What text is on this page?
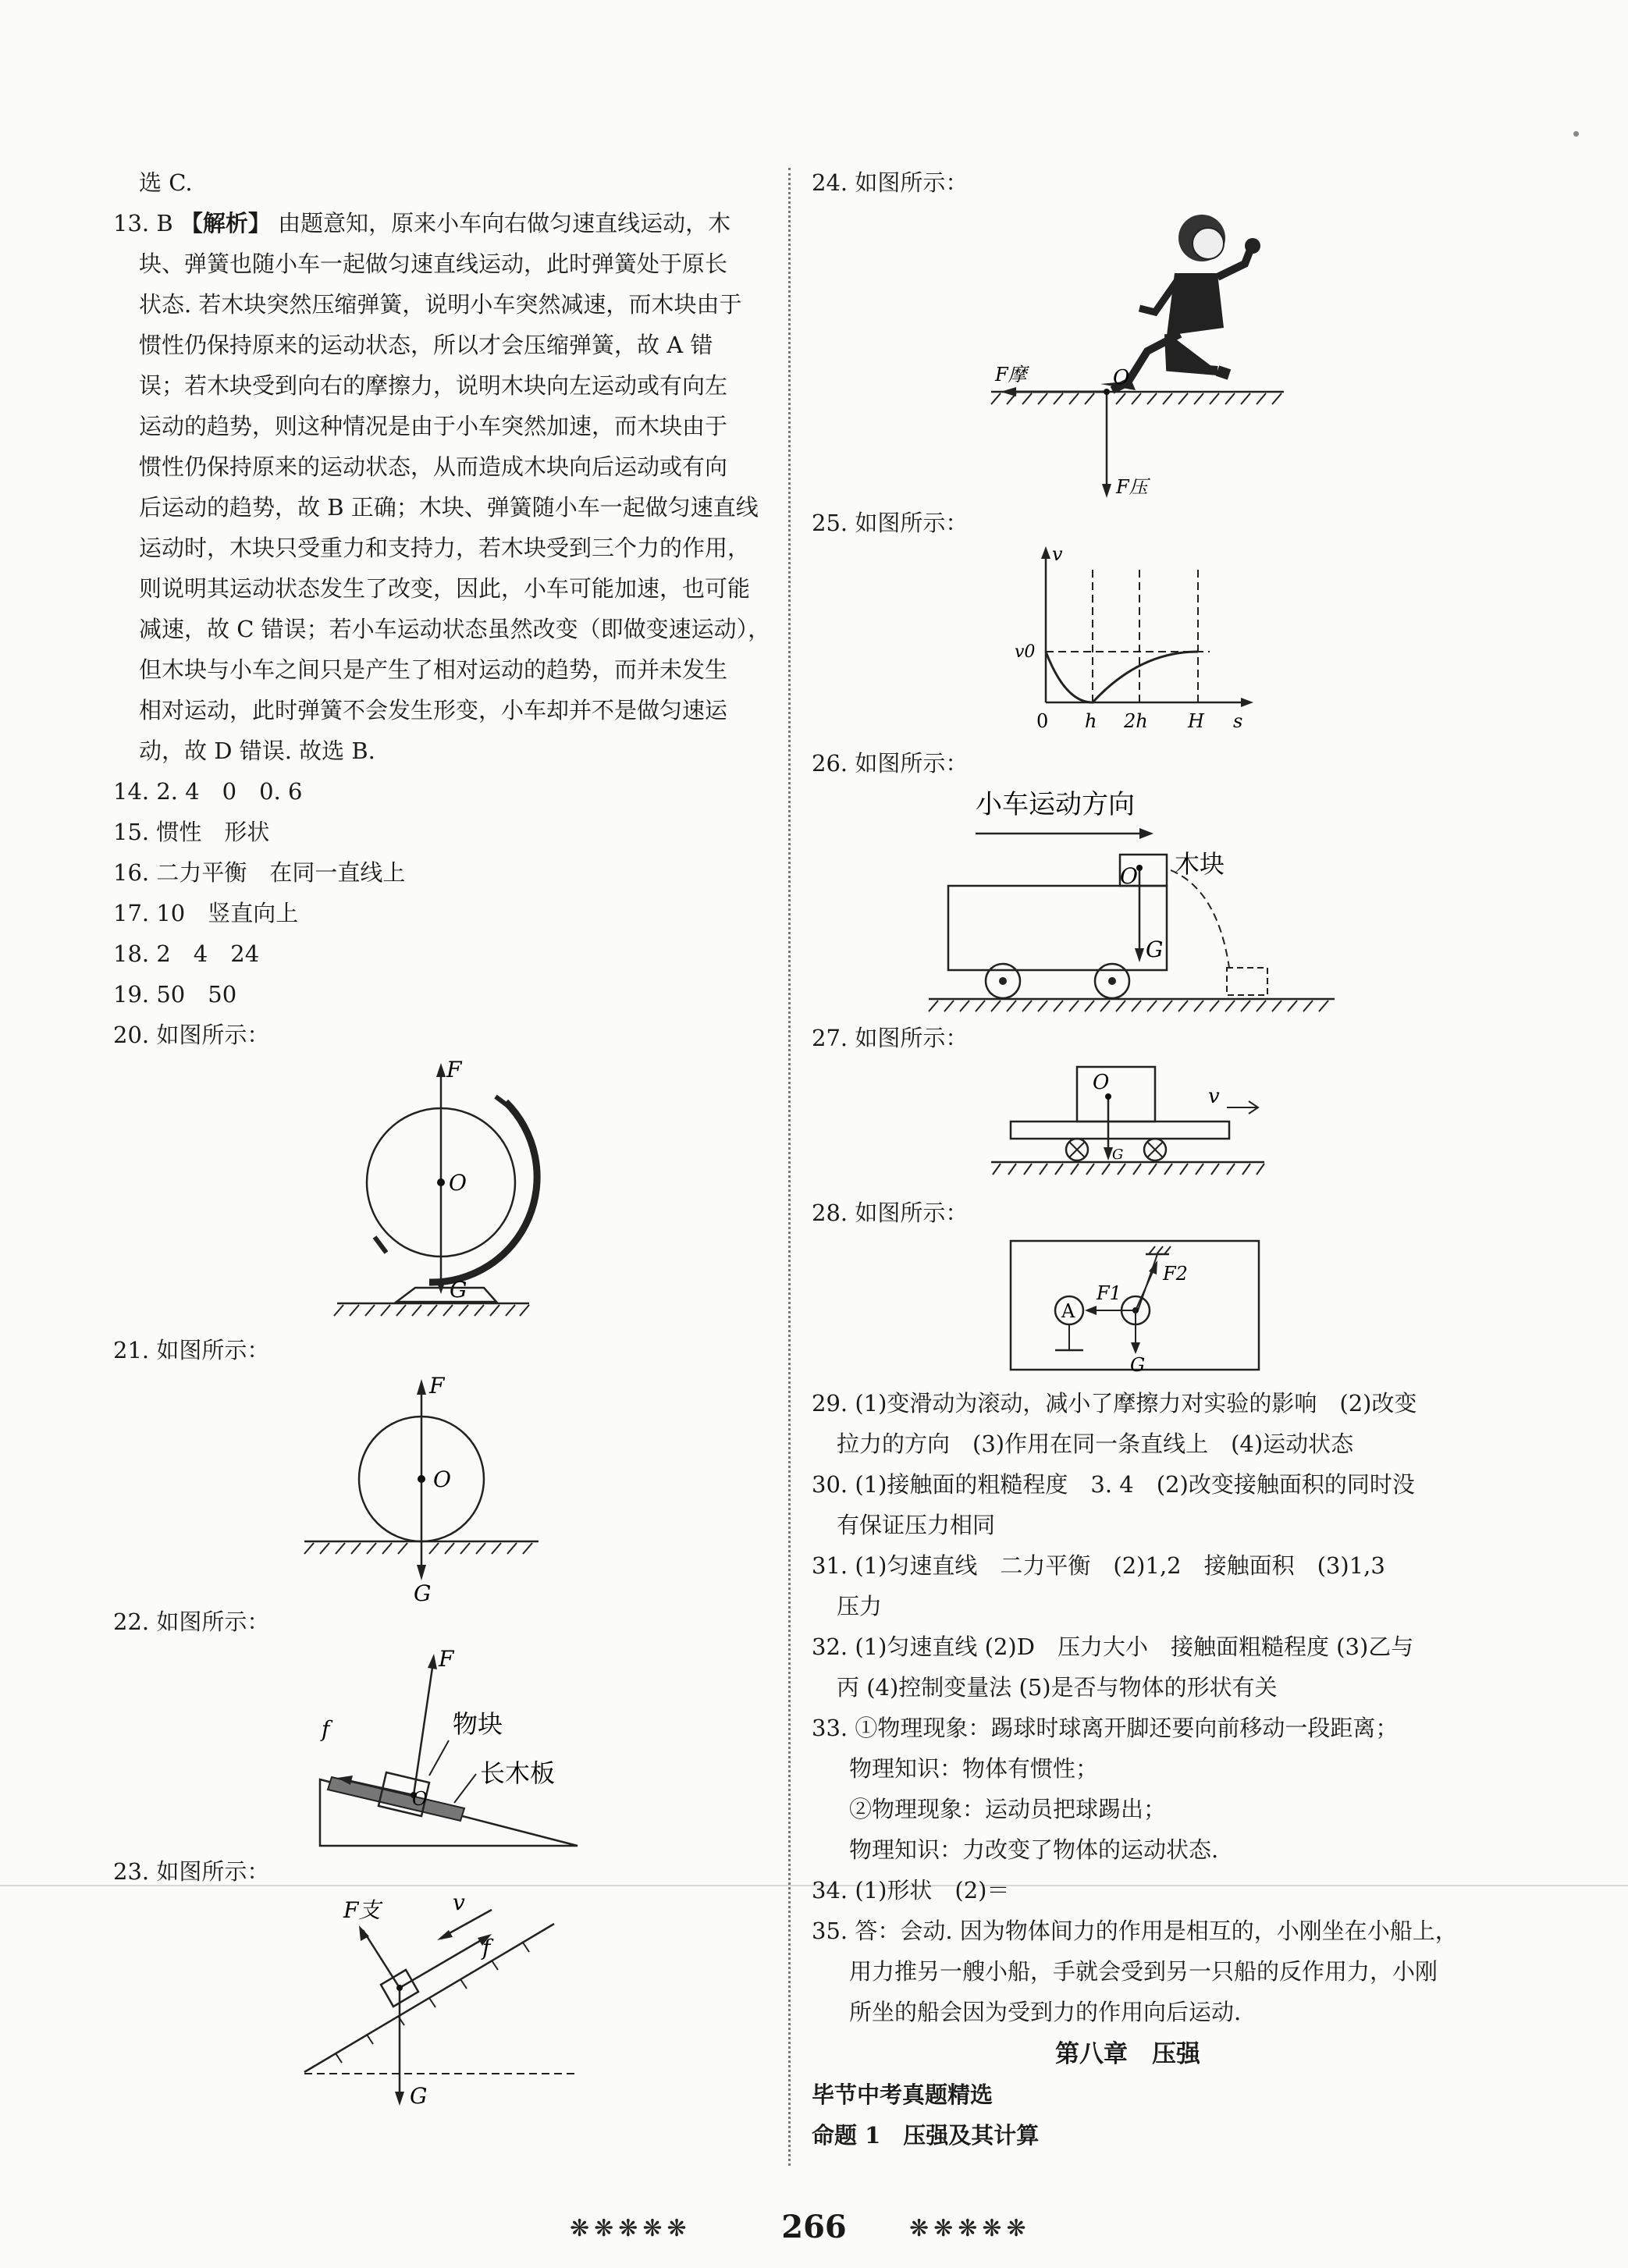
选 C.
13. B 【解析】 由题意知，原来小车向右做匀速直线运动，木
块、弹簧也随小车一起做匀速直线运动，此时弹簧处于原长
状态. 若木块突然压缩弹簧，说明小车突然减速，而木块由于
惯性仍保持原来的运动状态，所以才会压缩弹簧，故 A 错
误；若木块受到向右的摩擦力，说明木块向左运动或有向左
运动的趋势，则这种情况是由于小车突然加速，而木块由于
惯性仍保持原来的运动状态，从而造成木块向后运动或有向
后运动的趋势，故 B 正确；木块、弹簧随小车一起做匀速直线
运动时，木块只受重力和支持力，若木块受到三个力的作用，
则说明其运动状态发生了改变，因此，小车可能加速，也可能
减速，故 C 错误；若小车运动状态虽然改变（即做变速运动），
但木块与小车之间只是产生了相对运动的趋势，而并未发生
相对运动，此时弹簧不会发生形变，小车却并不是做匀速运
动，故 D 错误. 故选 B.
14. 2. 4　0　0. 6
15. 惯性　形状
16. 二力平衡　在同一直线上
17. 10　竖直向上
18. 2　4　24
19. 50　50
20. 如图所示：
21. 如图所示：
22. 如图所示：
23. 如图所示：
F
O
G
F
O
G
F
f
O
物块
长木板
F支	v
f
G
24. 如图所示：
25. 如图所示：
26. 如图所示：
27. 如图所示：
28. 如图所示：
29. (1)变滑动为滚动，减小了摩擦力对实验的影响　(2)改变
拉力的方向　(3)作用在同一条直线上　(4)运动状态
30. (1)接触面的粗糙程度　3. 4　(2)改变接触面积的同时没
有保证压力相同
31. (1)匀速直线　二力平衡　(2)1,2　接触面积　(3)1,3
压力
32. (1)匀速直线 (2)D　压力大小　接触面粗糙程度 (3)乙与
丙 (4)控制变量法 (5)是否与物体的形状有关
33. ①物理现象：踢球时球离开脚还要向前移动一段距离；
物理知识：物体有惯性；
②物理现象：运动员把球踢出；
物理知识：力改变了物体的运动状态.
34. (1)形状　(2)＝
35. 答：会动. 因为物体间力的作用是相互的，小刚坐在小船上，
用力推另一艘小船，手就会受到另一只船的反作用力，小刚
所坐的船会因为受到力的作用向后运动.
第八章　压强
毕节中考真题精选
命题 1　压强及其计算
F摩	O
F压
v
v0
0 h 2h H s
小车运动方向
O 木块
G
O
G
v
A
F1
F2
G
❋❋❋❋❋	266	❋❋❋❋❋
